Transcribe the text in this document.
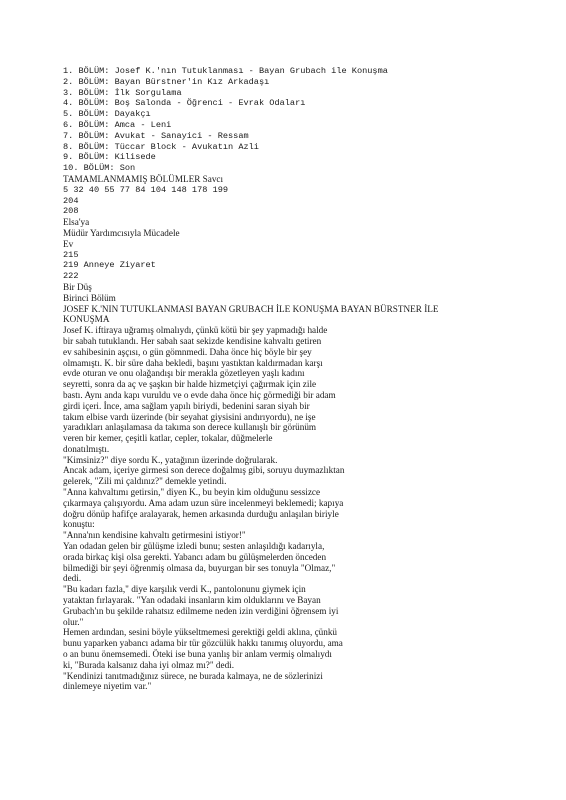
1. BÖLÜM: Josef K.'nın Tutuklanması - Bayan Grubach ile Konuşma
2. BÖLÜM: Bayan Bürstner'in Kız Arkadaşı
3. BÖLÜM: İlk Sorgulama
4. BÖLÜM: Boş Salonda - Öğrenci - Evrak Odaları
5. BÖLÜM: Dayakçı
6. BÖLÜM: Amca - Leni
7. BÖLÜM: Avukat - Sanayici - Ressam
8. BÖLÜM: Tüccar Block - Avukatın Azli
9. BÖLÜM: Kilisede
10. BÖLÜM: Son
TAMAMLANMAMIŞ BÖLÜMLER Savcı
5 32 40 55 77 84 104 148 178 199
204
208
Elsa'ya
Müdür Yardımcısıyla Mücadele
Ev
215
219 Anneye Ziyaret
222
Bir Düş
Birinci Bölüm
JOSEF K.'NIN TUTUKLANMASI BAYAN GRUBACH İLE KONUŞMA BAYAN BÜRSTNER İLE
KONUŞMA
Josef K. iftiraya uğramış olmalıydı, çünkü kötü bir şey yapmadığı halde
bir sabah tutuklandı. Her sabah saat sekizde kendisine kahvaltı getiren
ev sahibesinin aşçısı, o gün gömnmedi. Daha önce hiç böyle bir şey
olmamıştı. K. bir süre daha bekledi, başını yastıktan kaldırmadan karşı
evde oturan ve onu olağandışı bir merakla gözetleyen yaşlı kadını
seyretti, sonra da aç ve şaşkın bir halde hizmetçiyi çağırmak için zile
bastı. Aynı anda kapı vuruldu ve o evde daha önce hiç görmediği bir adam
girdi içeri. İnce, ama sağlam yapılı biriydi, bedenini saran siyah bir
takım elbise vardı üzerinde (bir seyahat giysisini andırıyordu), ne işe
yaradıkları anlaşılamasa da takıma son derece kullanışlı bir görünüm
veren bir kemer, çeşitli katlar, cepler, tokalar, düğmelerle
donatılmıştı.
"Kimsiniz?" diye sordu K., yatağının üzerinde doğrularak.
Ancak adam, içeriye girmesi son derece doğalmış gibi, soruyu duymazlıktan
gelerek, "Zili mi çaldınız?" demekle yetindi.
"Anna kahvaltımı getirsin," diyen K., bu beyin kim olduğunu sessizce
çıkarmaya çalışıyordu. Ama adam uzun süre incelenmeyi beklemedi; kapıya
doğru dönüp hafifçe aralayarak, hemen arkasında durduğu anlaşılan biriyle
konuştu:
"Anna'nın kendisine kahvaltı getirmesini istiyor!"
Yan odadan gelen bir gülüşme izledi bunu; sesten anlaşıldığı kadarıyla,
orada birkaç kişi olsa gerekti. Yabancı adam bu gülüşmelerden önceden
bilmediği bir şeyi öğrenmiş olmasa da, buyurgan bir ses tonuyla "Olmaz,"
dedi.
"Bu kadarı fazla," diye karşılık verdi K., pantolonunu giymek için
yataktan fırlayarak. "Yan odadaki insanların kim olduklarını ve Bayan
Grubach'ın bu şekilde rahatsız edilmeme neden izin verdiğini öğrensem iyi
olur."
Hemen ardından, sesini böyle yükseltmemesi gerektiği geldi aklına, çünkü
bunu yaparken yabancı adama bir tür gözcülük hakkı tanımış oluyordu, ama
o an bunu önemsemedi. Öteki ise buna yanlış bir anlam vermiş olmalıydı
ki, "Burada kalsanız daha iyi olmaz mı?" dedi.
"Kendinizi tanıtmadığınız sürece, ne burada kalmaya, ne de sözlerinizi
dinlemeye niyetim var."
